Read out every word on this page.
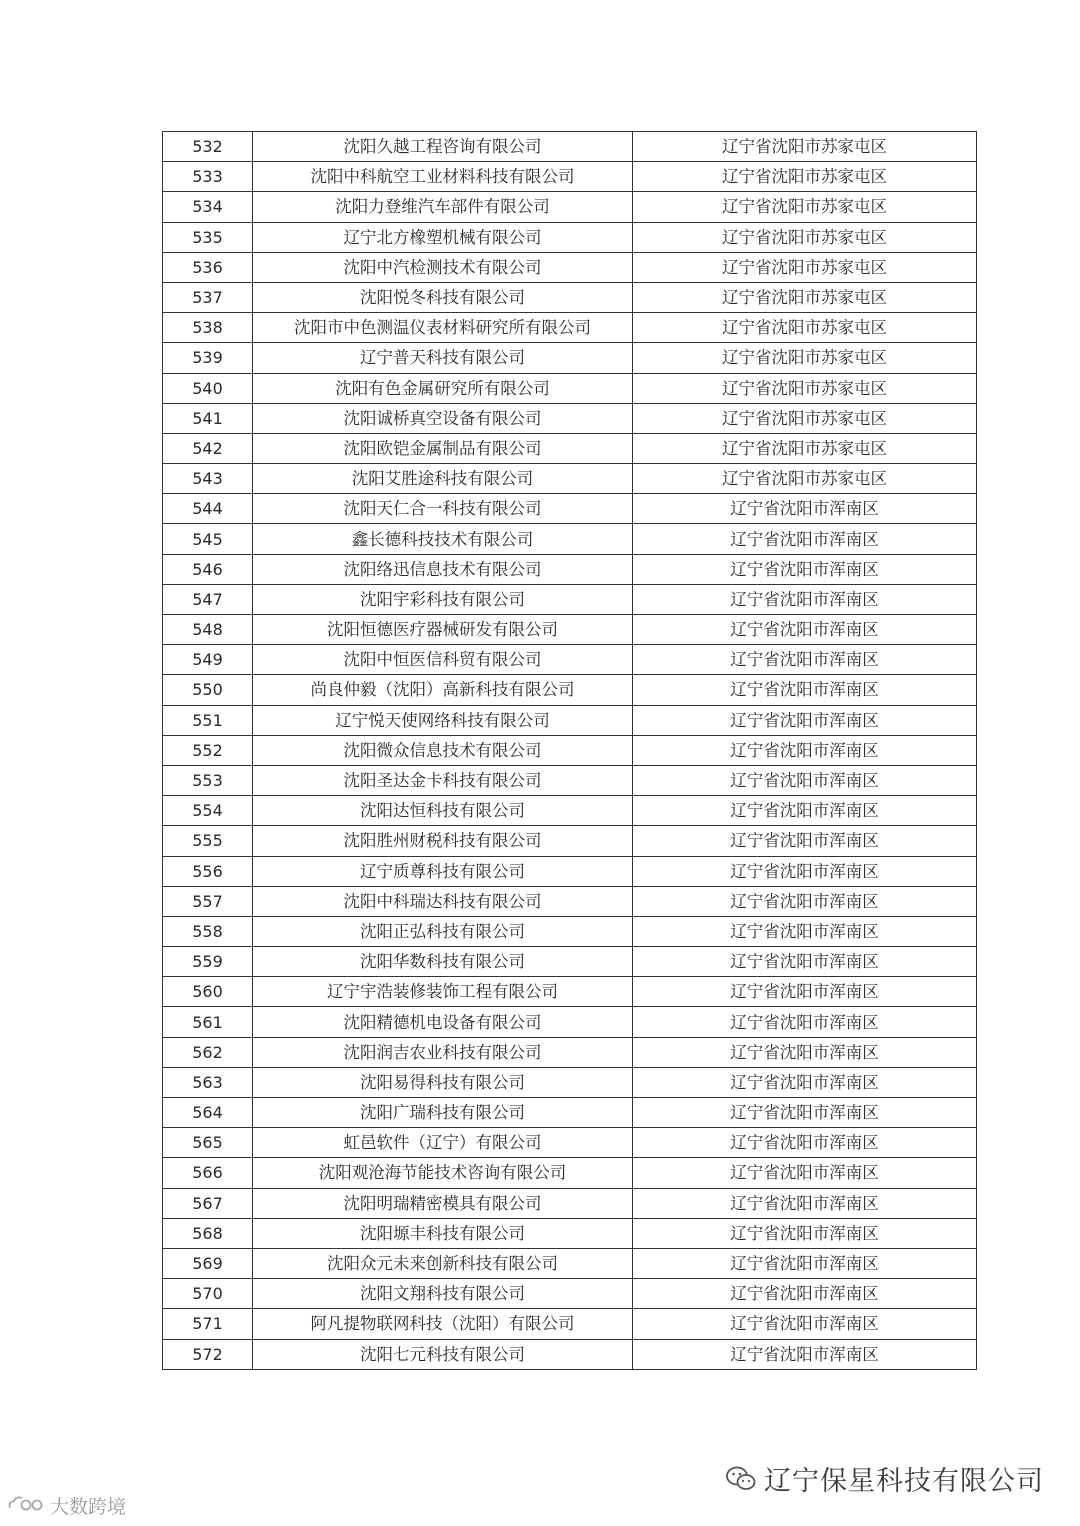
532	沈阳久越工程咨询有限公司	辽宁省沈阳市苏家屯区
533	沈阳中科航空工业材料科技有限公司	辽宁省沈阳市苏家屯区
534	沈阳力登维汽车部件有限公司	辽宁省沈阳市苏家屯区
535	辽宁北方橡塑机械有限公司	辽宁省沈阳市苏家屯区
536	沈阳中汽检测技术有限公司	辽宁省沈阳市苏家屯区
537	沈阳悦冬科技有限公司	辽宁省沈阳市苏家屯区
538	沈阳市中色测温仪表材料研究所有限公司	辽宁省沈阳市苏家屯区
539	辽宁普天科技有限公司	辽宁省沈阳市苏家屯区
540	沈阳有色金属研究所有限公司	辽宁省沈阳市苏家屯区
541	沈阳诚桥真空设备有限公司	辽宁省沈阳市苏家屯区
542	沈阳欧铠金属制品有限公司	辽宁省沈阳市苏家屯区
543	沈阳艾胜途科技有限公司	辽宁省沈阳市苏家屯区
544	沈阳天仁合一科技有限公司	辽宁省沈阳市浑南区
545	鑫长德科技技术有限公司	辽宁省沈阳市浑南区
546	沈阳络迅信息技术有限公司	辽宁省沈阳市浑南区
547	沈阳宇彩科技有限公司	辽宁省沈阳市浑南区
548	沈阳恒德医疗器械研发有限公司	辽宁省沈阳市浑南区
549	沈阳中恒医信科贸有限公司	辽宁省沈阳市浑南区
550	尚良仲毅（沈阳）高新科技有限公司	辽宁省沈阳市浑南区
551	辽宁悦天使网络科技有限公司	辽宁省沈阳市浑南区
552	沈阳微众信息技术有限公司	辽宁省沈阳市浑南区
553	沈阳圣达金卡科技有限公司	辽宁省沈阳市浑南区
554	沈阳达恒科技有限公司	辽宁省沈阳市浑南区
555	沈阳胜州财税科技有限公司	辽宁省沈阳市浑南区
556	辽宁质尊科技有限公司	辽宁省沈阳市浑南区
557	沈阳中科瑞达科技有限公司	辽宁省沈阳市浑南区
558	沈阳正弘科技有限公司	辽宁省沈阳市浑南区
559	沈阳华数科技有限公司	辽宁省沈阳市浑南区
560	辽宁宇浩装修装饰工程有限公司	辽宁省沈阳市浑南区
561	沈阳精德机电设备有限公司	辽宁省沈阳市浑南区
562	沈阳润吉农业科技有限公司	辽宁省沈阳市浑南区
563	沈阳易得科技有限公司	辽宁省沈阳市浑南区
564	沈阳广瑞科技有限公司	辽宁省沈阳市浑南区
565	虹邑软件（辽宁）有限公司	辽宁省沈阳市浑南区
566	沈阳观沧海节能技术咨询有限公司	辽宁省沈阳市浑南区
567	沈阳明瑞精密模具有限公司	辽宁省沈阳市浑南区
568	沈阳塬丰科技有限公司	辽宁省沈阳市浑南区
569	沈阳众元未来创新科技有限公司	辽宁省沈阳市浑南区
570	沈阳文翔科技有限公司	辽宁省沈阳市浑南区
571	阿凡提物联网科技（沈阳）有限公司	辽宁省沈阳市浑南区
572	沈阳七元科技有限公司	辽宁省沈阳市浑南区
辽宁保星科技有限公司
大数跨境
